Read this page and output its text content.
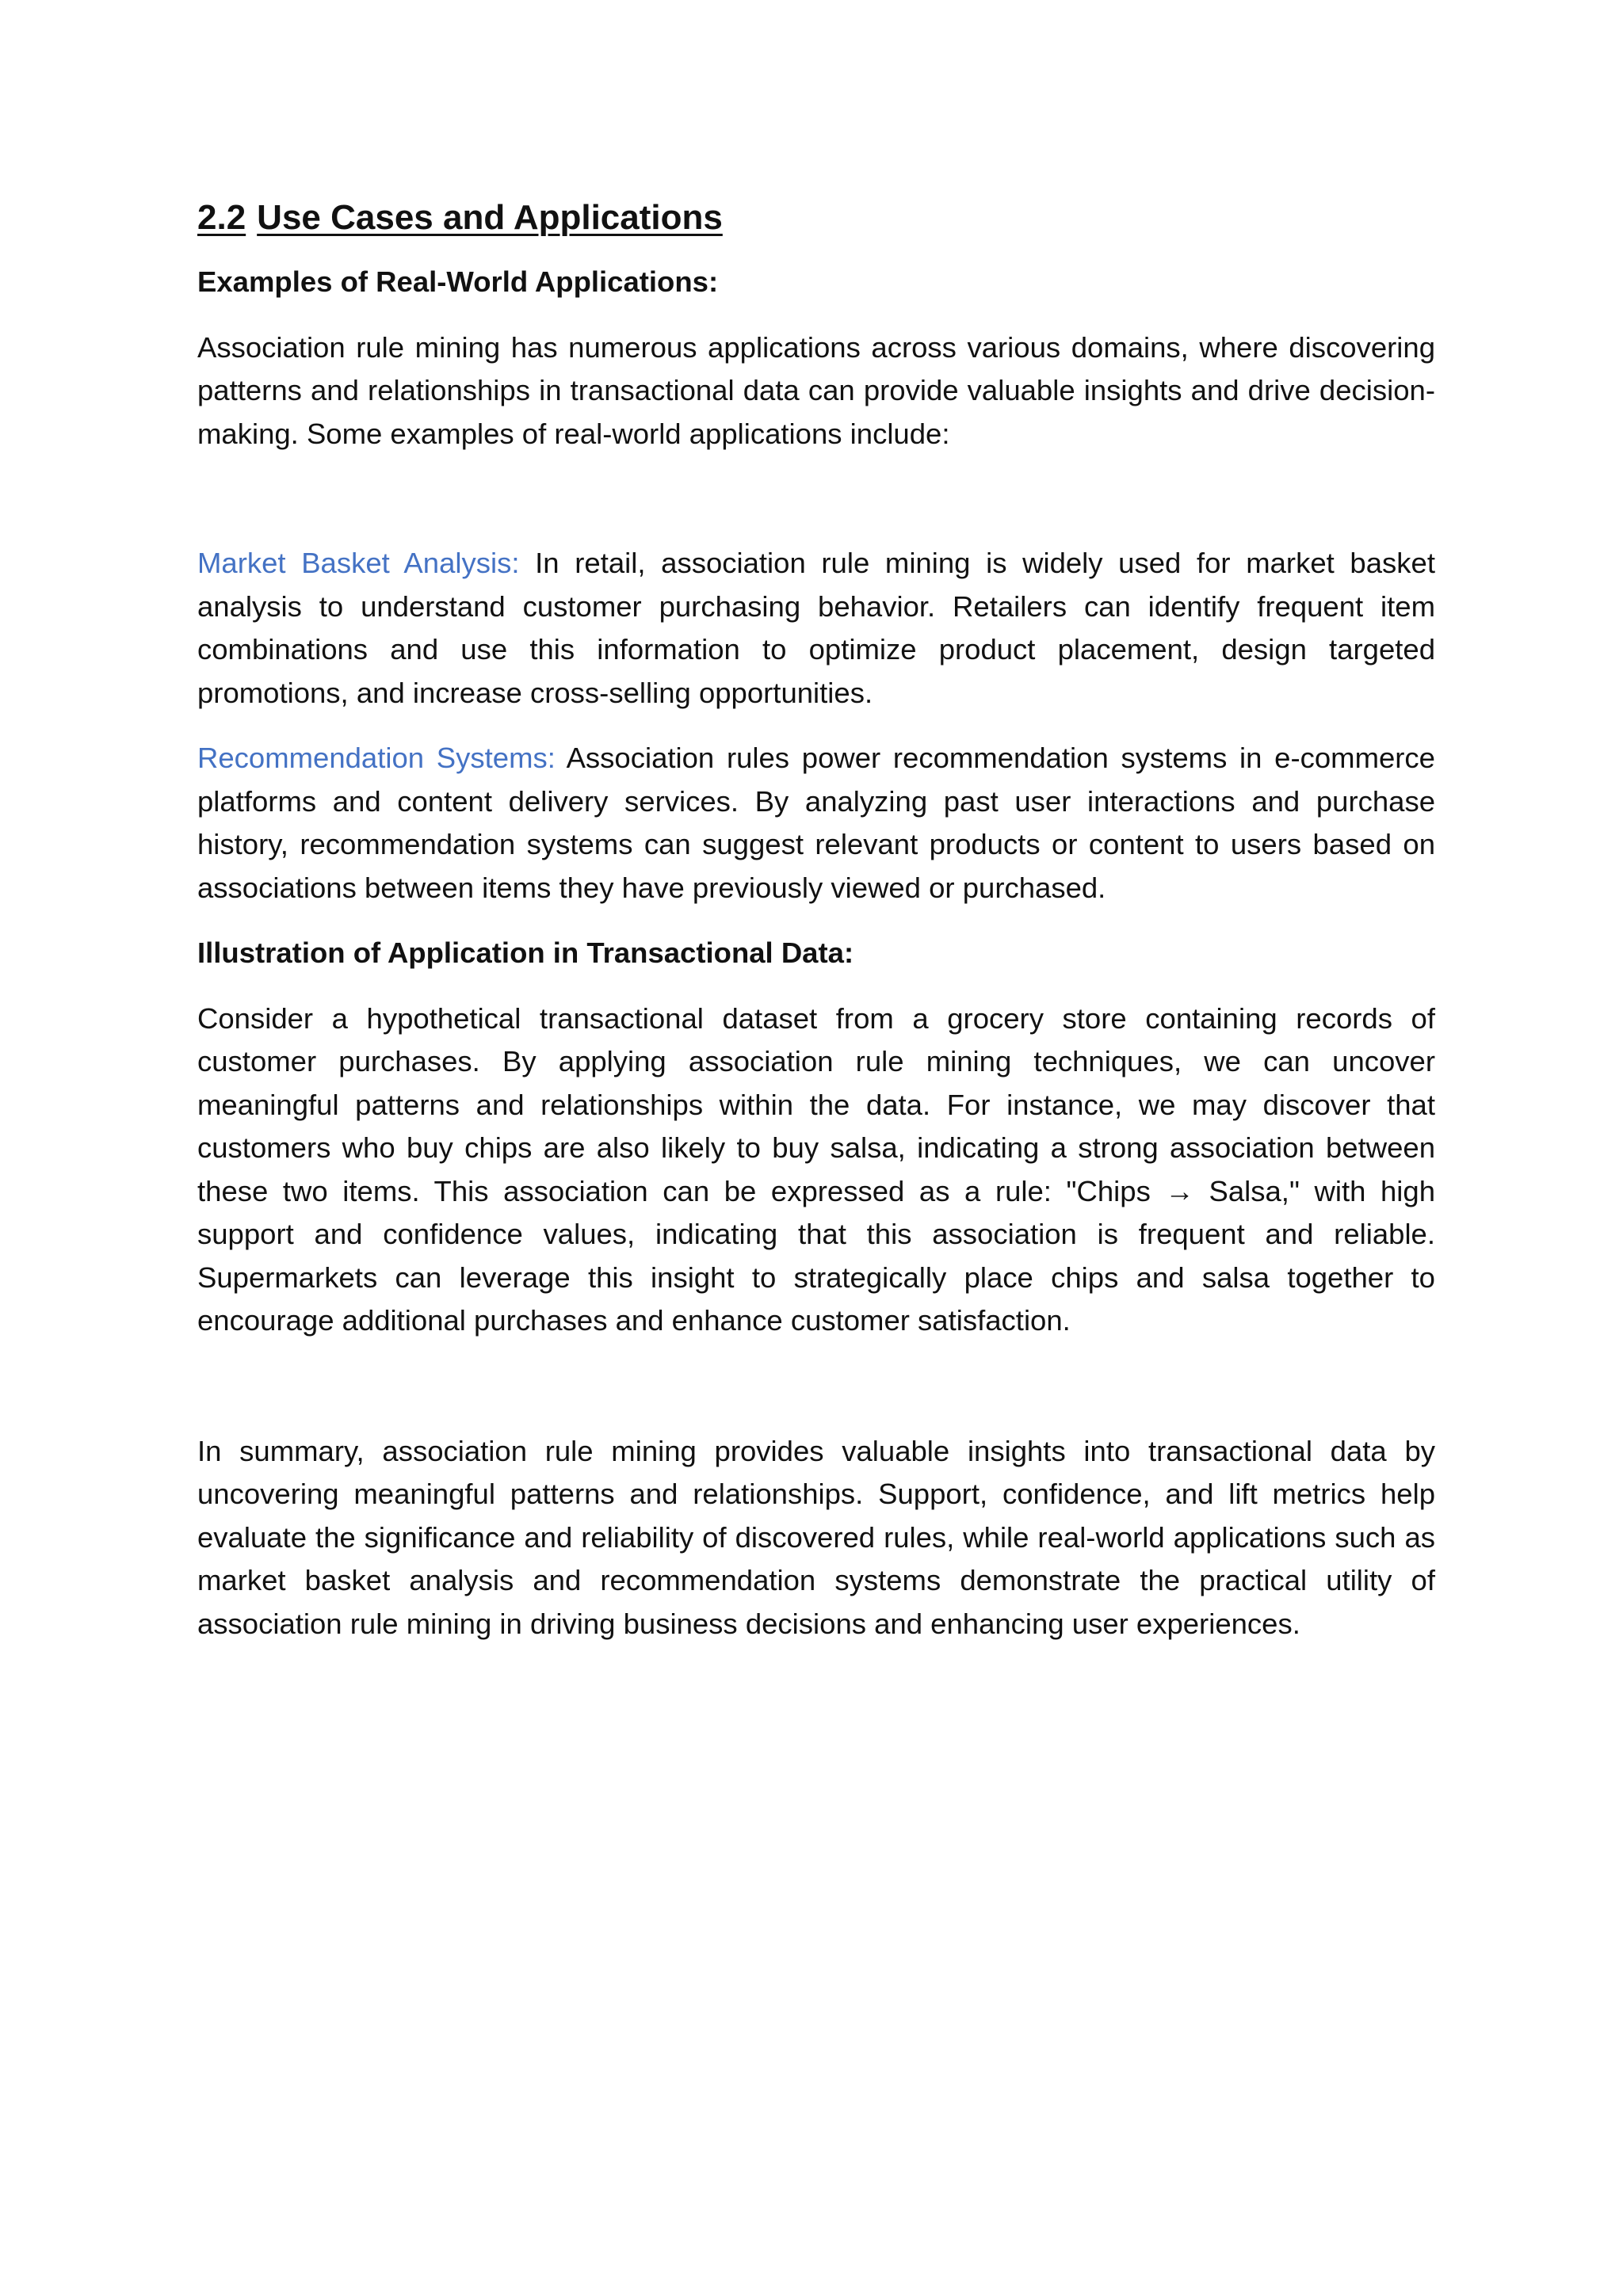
2.2 Use Cases and Applications

Examples of Real-World Applications:

Association rule mining has numerous applications across various domains, where discovering patterns and relationships in transactional data can provide valuable insights and drive decision-making. Some examples of real-world applications include:

Market Basket Analysis: In retail, association rule mining is widely used for market basket analysis to understand customer purchasing behavior. Retailers can identify frequent item combinations and use this information to optimize product placement, design targeted promotions, and increase cross-selling opportunities.

Recommendation Systems: Association rules power recommendation systems in e-commerce platforms and content delivery services. By analyzing past user interactions and purchase history, recommendation systems can suggest relevant products or content to users based on associations between items they have previously viewed or purchased.

Illustration of Application in Transactional Data:

Consider a hypothetical transactional dataset from a grocery store containing records of customer purchases. By applying association rule mining techniques, we can uncover meaningful patterns and relationships within the data. For instance, we may discover that customers who buy chips are also likely to buy salsa, indicating a strong association between these two items. This association can be expressed as a rule: "Chips → Salsa," with high support and confidence values, indicating that this association is frequent and reliable. Supermarkets can leverage this insight to strategically place chips and salsa together to encourage additional purchases and enhance customer satisfaction.

In summary, association rule mining provides valuable insights into transactional data by uncovering meaningful patterns and relationships. Support, confidence, and lift metrics help evaluate the significance and reliability of discovered rules, while real-world applications such as market basket analysis and recommendation systems demonstrate the practical utility of association rule mining in driving business decisions and enhancing user experiences.
